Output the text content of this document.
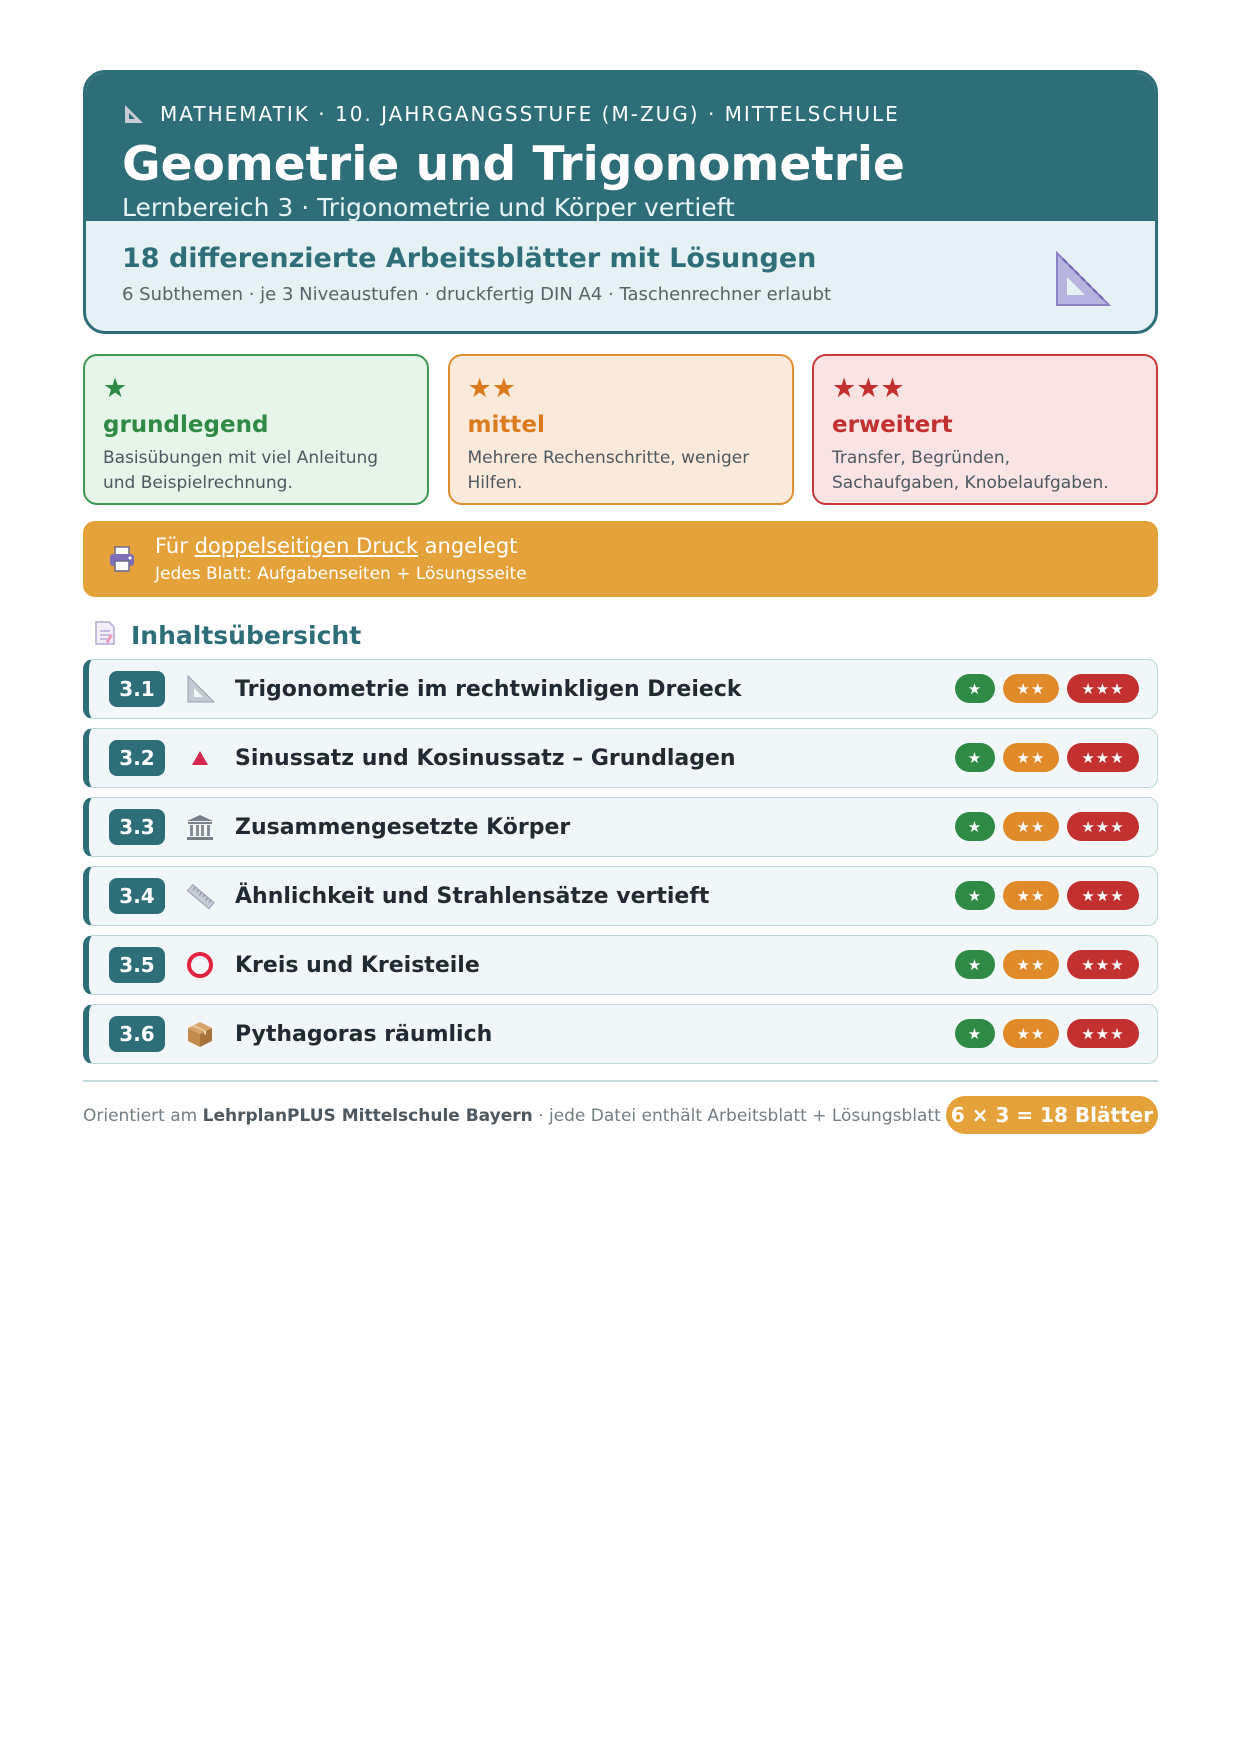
MATHEMATIK · 10. JAHRGANGSSTUFE (M-ZUG) · MITTELSCHULE
Geometrie und Trigonometrie
Lernbereich 3 · Trigonometrie und Körper vertieft
18 differenzierte Arbeitsblätter mit Lösungen
6 Subthemen · je 3 Niveaustufen · druckfertig DIN A4 · Taschenrechner erlaubt
★
grundlegend
Basisübungen mit viel Anleitung und Beispielrechnung.
★★
mittel
Mehrere Rechenschritte, weniger Hilfen.
★★★
erweitert
Transfer, Begründen, Sachaufgaben, Knobelaufgaben.
Für doppelseitigen Druck angelegt
Jedes Blatt: Aufgabenseiten + Lösungsseite
Inhaltsübersicht
3.1	Trigonometrie im rechtwinkligen Dreieck	★	★★	★★★
3.2	Sinussatz und Kosinussatz – Grundlagen	★	★★	★★★
3.3	Zusammengesetzte Körper	★	★★	★★★
3.4	Ähnlichkeit und Strahlensätze vertieft	★	★★	★★★
3.5	Kreis und Kreisteile	★	★★	★★★
3.6	Pythagoras räumlich	★	★★	★★★
Orientiert am LehrplanPLUS Mittelschule Bayern · jede Datei enthält Arbeitsblatt + Lösungsblatt 6 × 3 = 18 Blätter
